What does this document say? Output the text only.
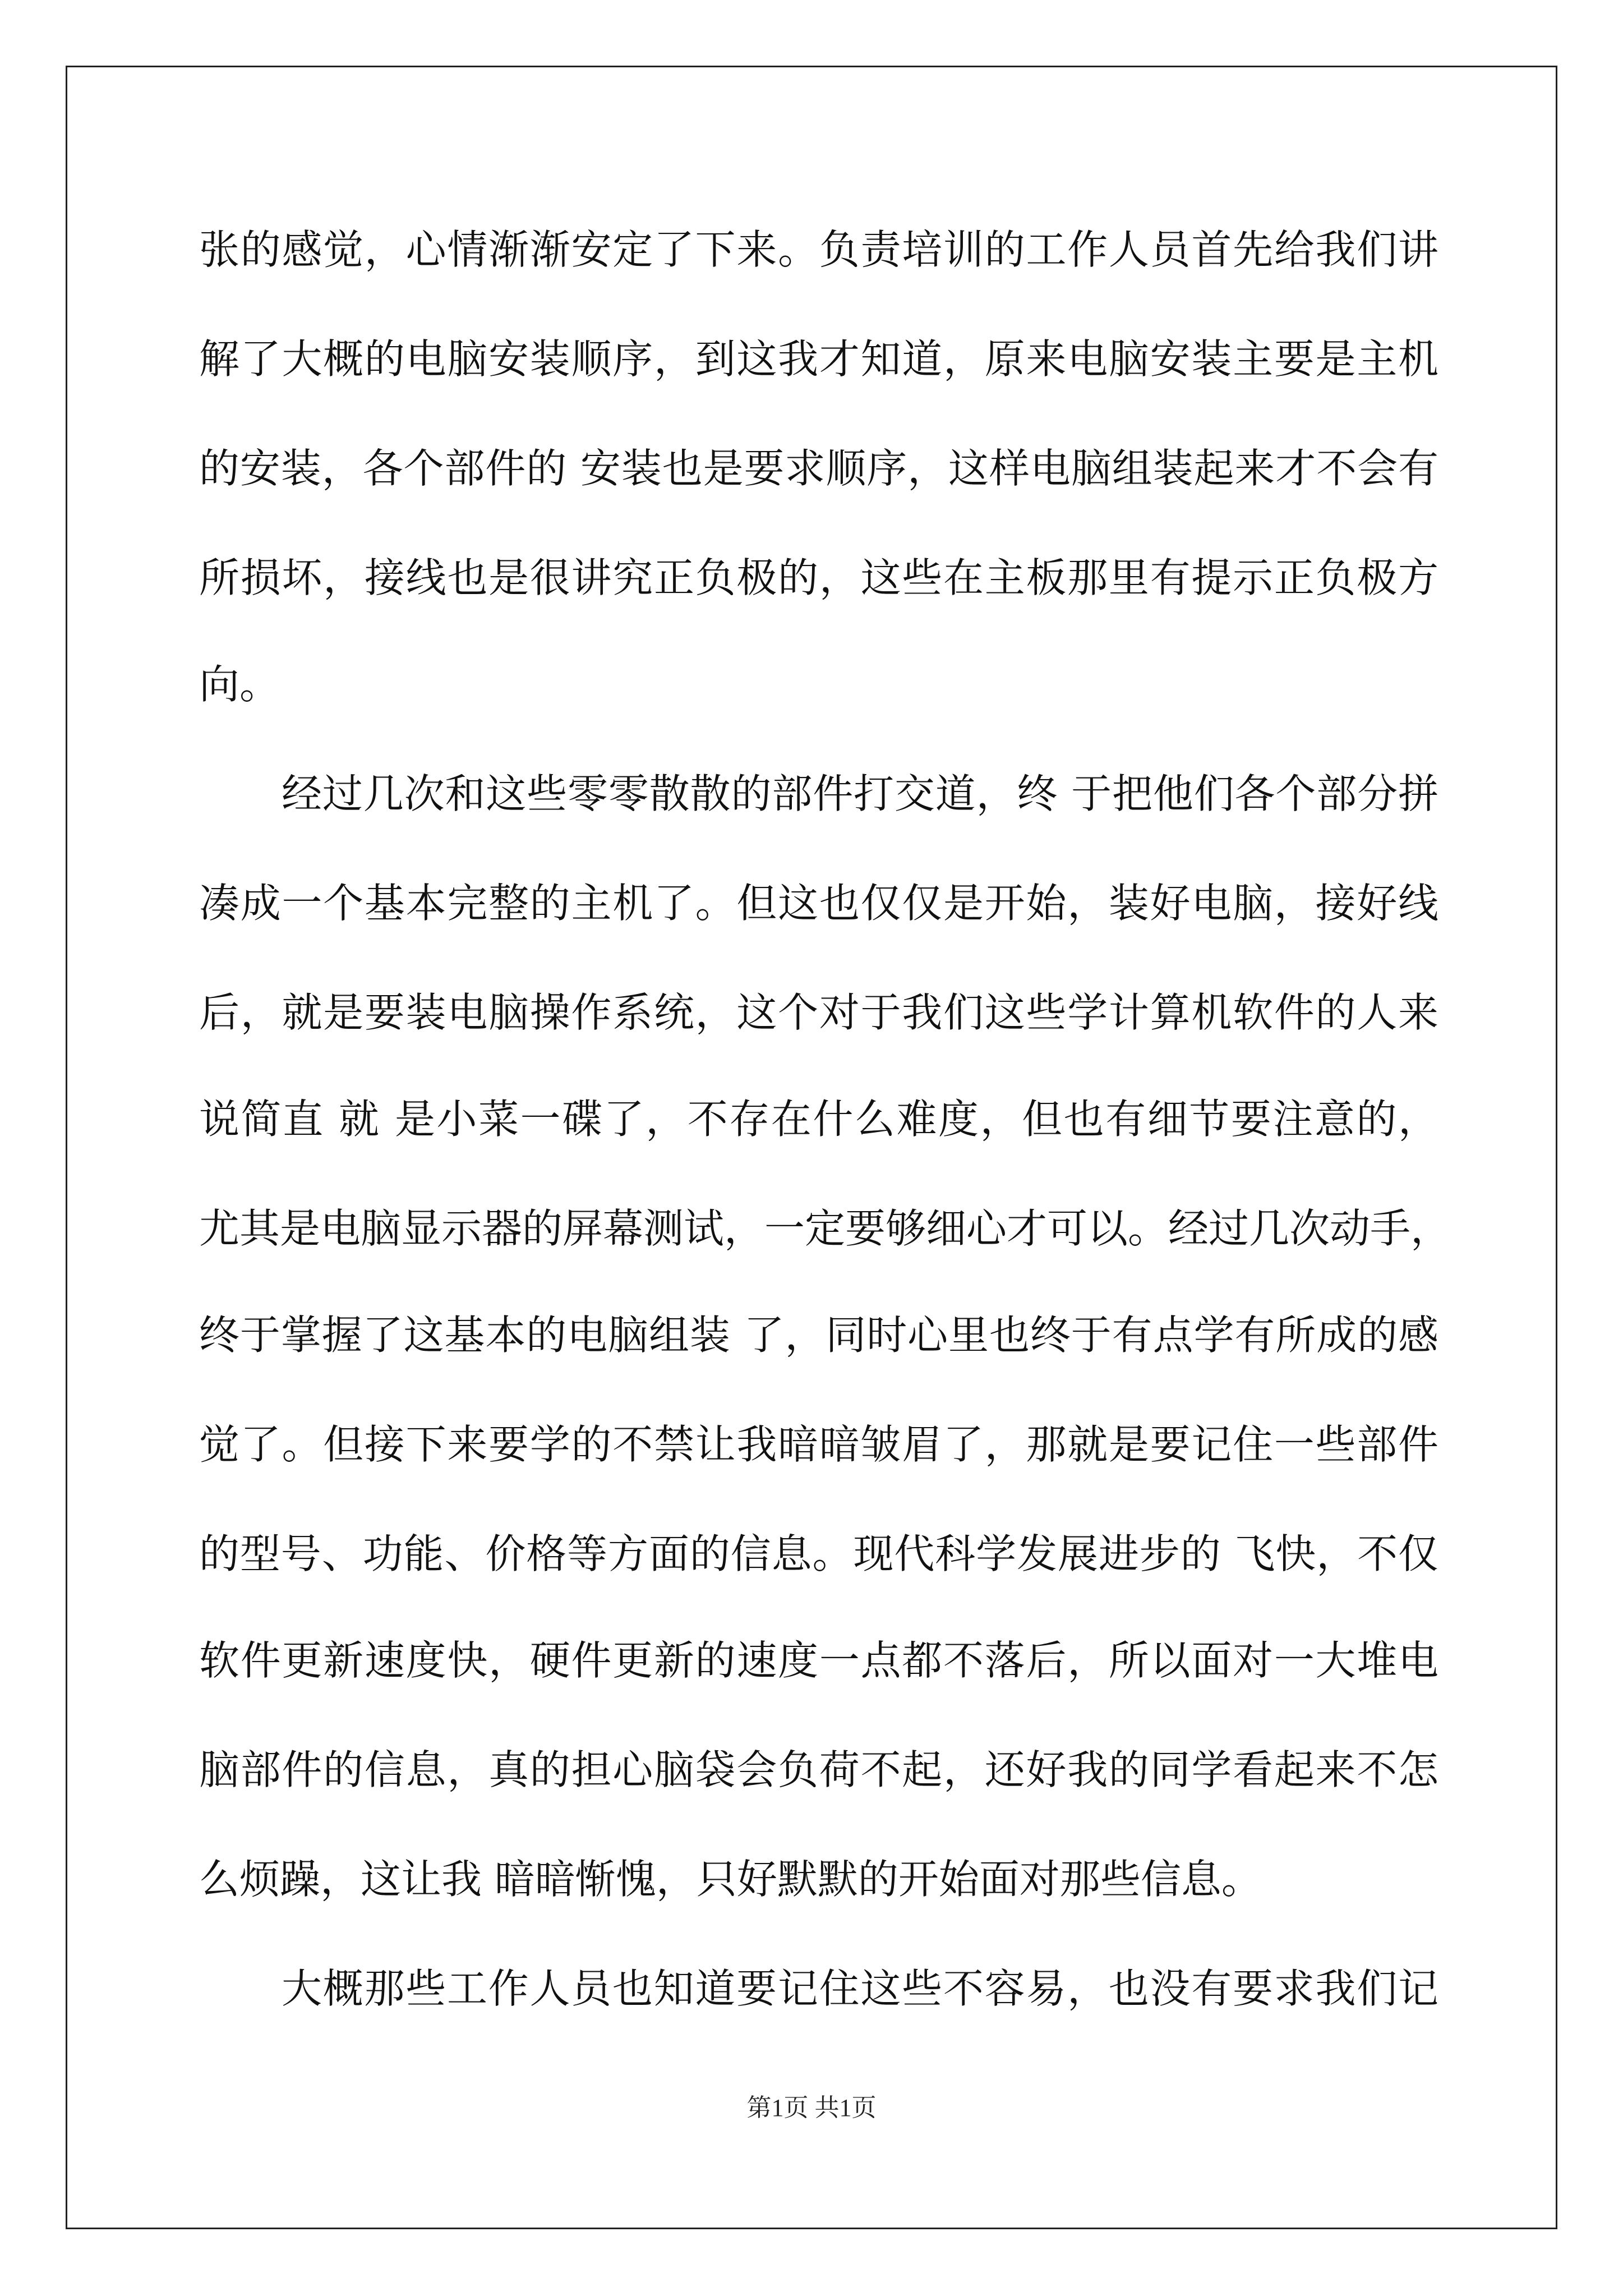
张的感觉，心情渐渐安定了下来。负责培训的工作人员首先给我们讲
解了大概的电脑安装顺序，到这我才知道，原来电脑安装主要是主机
的安装，各个部件的 安装也是要求顺序，这样电脑组装起来才不会有
所损坏，接线也是很讲究正负极的，这些在主板那里有提示正负极方
向。
经过几次和这些零零散散的部件打交道，终 于把他们各个部分拼
凑成一个基本完整的主机了。但这也仅仅是开始，装好电脑，接好线
后，就是要装电脑操作系统，这个对于我们这些学计算机软件的人来
说简直 就 是小菜一碟了，不存在什么难度，但也有细节要注意的，
尤其是电脑显示器的屏幕测试，一定要够细心才可以。经过几次动手，
终于掌握了这基本的电脑组装 了，同时心里也终于有点学有所成的感
觉了。但接下来要学的不禁让我暗暗皱眉了，那就是要记住一些部件
的型号、功能、价格等方面的信息。现代科学发展进步的 飞快，不仅
软件更新速度快，硬件更新的速度一点都不落后，所以面对一大堆电
脑部件的信息，真的担心脑袋会负荷不起，还好我的同学看起来不怎
么烦躁，这让我 暗暗惭愧，只好默默的开始面对那些信息。
大概那些工作人员也知道要记住这些不容易，也没有要求我们记
第1页 共1页
